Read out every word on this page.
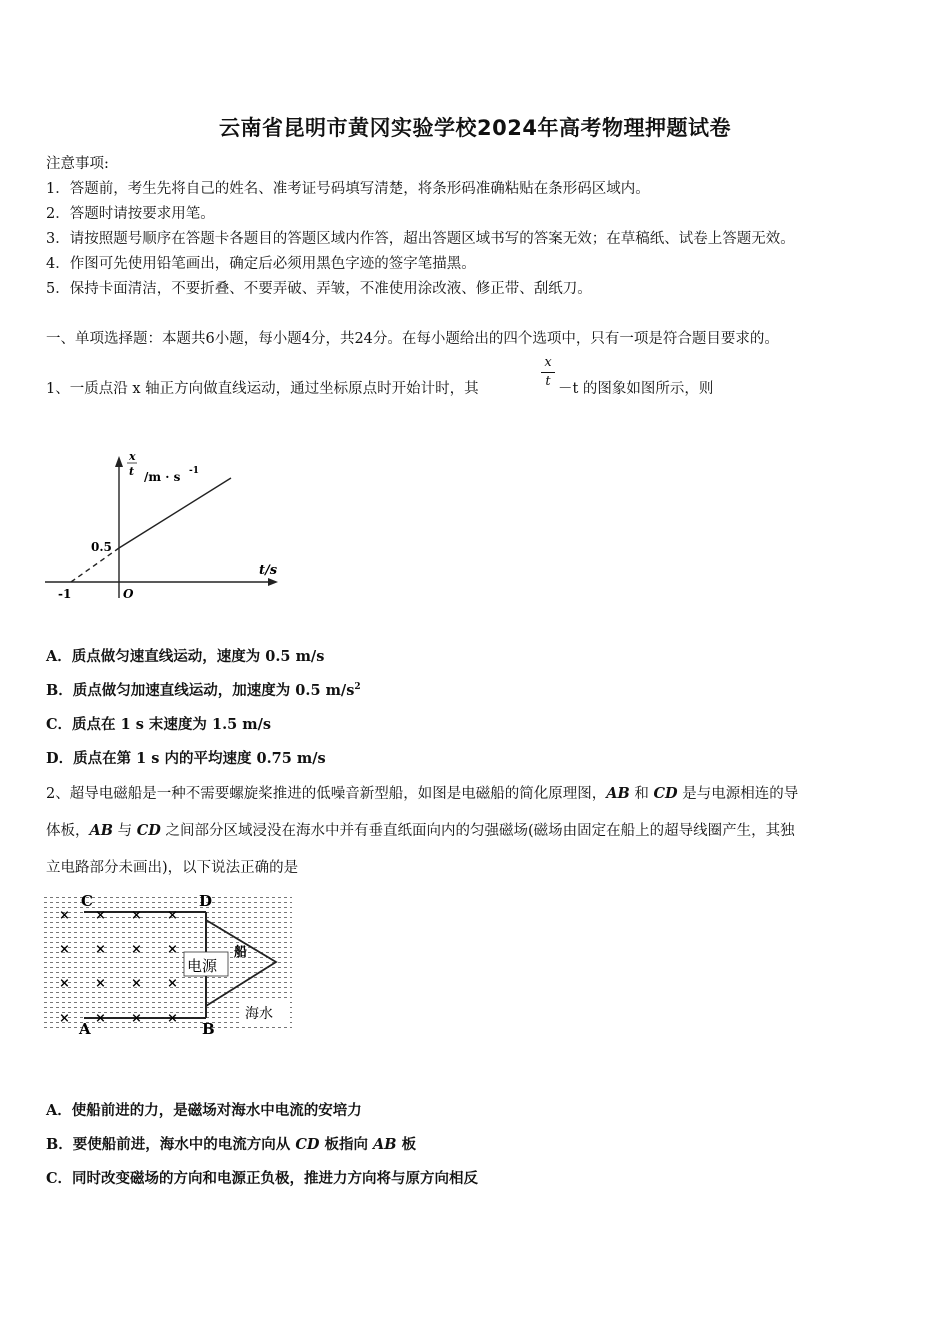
云南省昆明市黄冈实验学校2024年高考物理押题试卷
注意事项:
1．答题前，考生先将自己的姓名、准考证号码填写清楚，将条形码准确粘贴在条形码区域内。
2．答题时请按要求用笔。
3．请按照题号顺序在答题卡各题目的答题区域内作答，超出答题区域书写的答案无效；在草稿纸、试卷上答题无效。
4．作图可先使用铅笔画出，确定后必须用黑色字迹的签字笔描黑。
5．保持卡面清洁，不要折叠、不要弄破、弄皱，不准使用涂改液、修正带、刮纸刀。
一、单项选择题：本题共6小题，每小题4分，共24分。在每小题给出的四个选项中，只有一项是符合题目要求的。
1、一质点沿 x 轴正方向做直线运动，通过坐标原点时开始计时，其	$\frac{x}{t} -t$ 的图象如图所示，则
x
t /m · s -1
0.5
t/s
-1	O
A．质点做匀速直线运动，速度为 0.5 m/s
B．质点做匀加速直线运动，加速度为 0.5 $m/s^2$
C．质点在 1 s 末速度为 1.5 m/s
D．质点在第 1 s 内的平均速度 0.75 m/s
2、超导电磁船是一种不需要螺旋桨推进的低噪音新型船，如图是电磁船的简化原理图，AB 和 CD 是与电源相连的导
体板，AB 与 CD 之间部分区域浸没在海水中并有垂直纸面向内的匀强磁场(磁场由固定在船上的超导线圈产生，其独
立电路部分未画出)，以下说法正确的是
电源
船
海水
C	D
A	B
× × × ×
× × × ×
× × × ×
× × × ×
A．使船前进的力，是磁场对海水中电流的安培力
B．要使船前进，海水中的电流方向从 CD 板指向 AB 板
C．同时改变磁场的方向和电源正负极，推进力方向将与原方向相反
